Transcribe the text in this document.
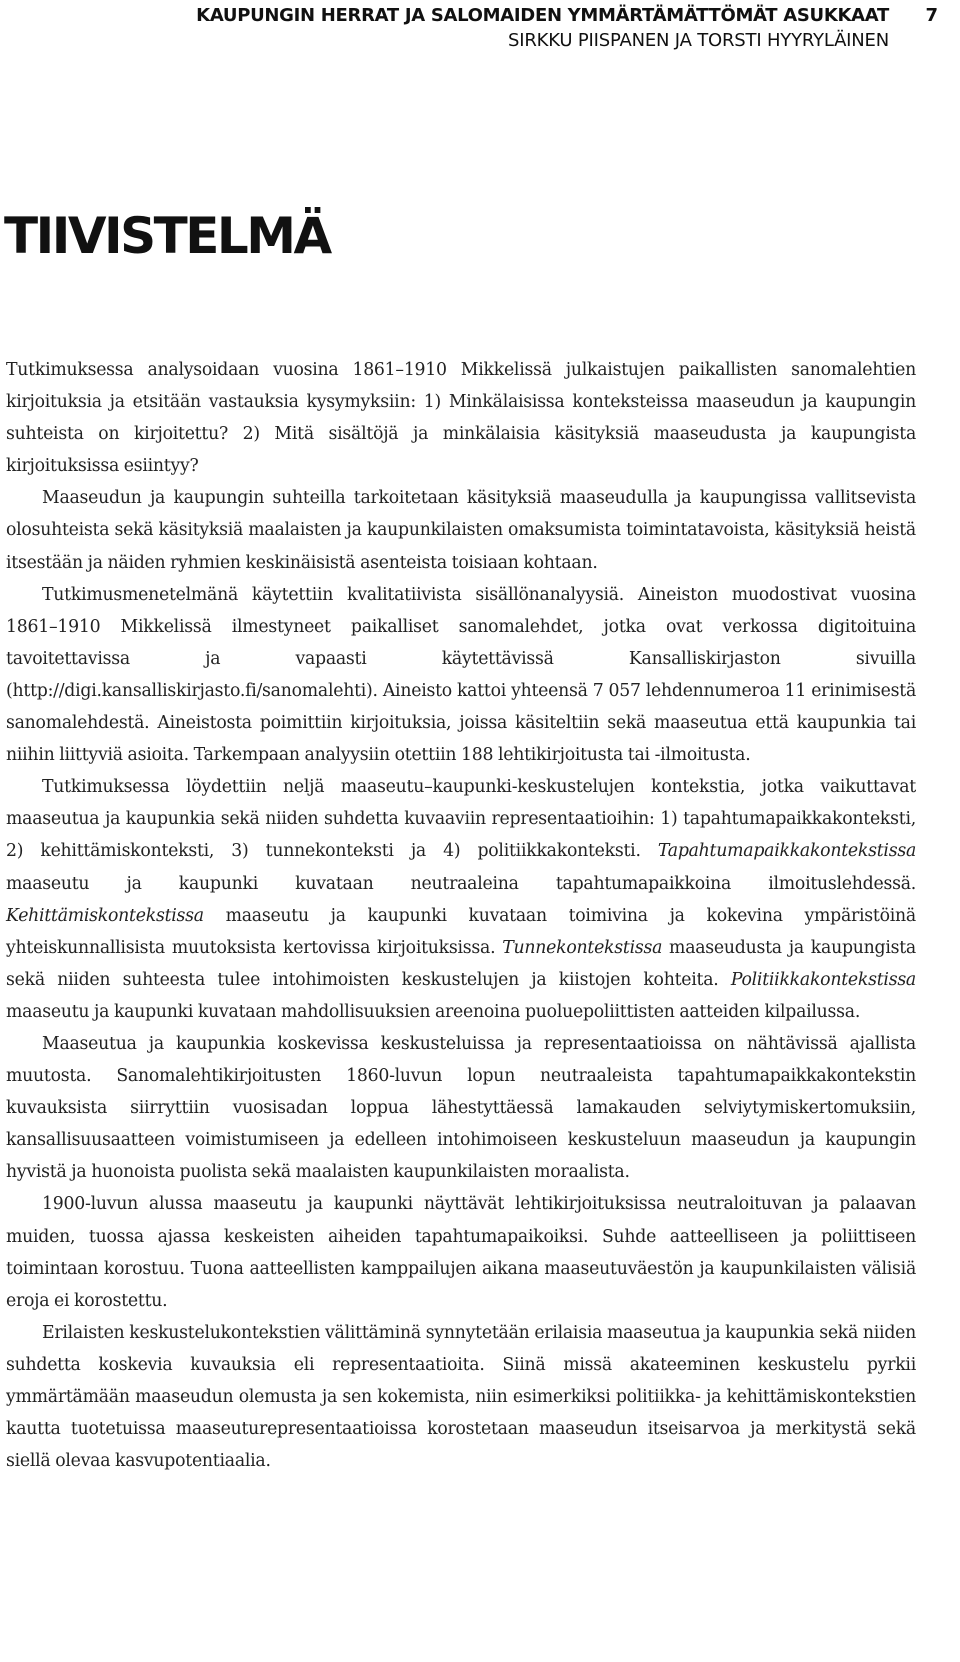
KAUPUNGIN HERRAT JA SALOMAIDEN YMMÄRTÄMÄTTÖMÄT ASUKKAAT
SIRKKU PIISPANEN JA TORSTI HYYRYLÄINEN
7
TIIVISTELMÄ

Tutkimuksessa analysoidaan vuosina 1861–1910 Mikkelissä julkaistujen paikallisten sanomalehtien kirjoituksia ja etsitään vastauksia kysymyksiin: 1) Minkälaisissa konteksteissa maaseudun ja kaupungin suhteista on kirjoitettu? 2) Mitä sisältöjä ja minkälaisia käsityksiä maaseudusta ja kaupungista kirjoituksissa esiintyy?

Maaseudun ja kaupungin suhteilla tarkoitetaan käsityksiä maaseudulla ja kaupungissa vallitsevista olosuhteista sekä käsityksiä maalaisten ja kaupunkilaisten omaksumista toimintatavoista, käsityksiä heistä itsestään ja näiden ryhmien keskinäisistä asenteista toisiaan kohtaan.

Tutkimusmenetelmänä käytettiin kvalitatiivista sisällönanalyysiä. Aineiston muodostivat vuosina 1861–1910 Mikkelissä ilmestyneet paikalliset sanomalehdet, jotka ovat verkossa digitoituina tavoitettavissa ja vapaasti käytettävissä Kansalliskirjaston sivuilla (http://digi.kansalliskirjasto.fi/sanomalehti). Aineisto kattoi yhteensä 7 057 lehdennumeroa 11 erinimisestä sanomalehdestä. Aineistosta poimittiin kirjoituksia, joissa käsiteltiin sekä maaseutua että kaupunkia tai niihin liittyviä asioita. Tarkempaan analyysiin otettiin 188 lehtikirjoitusta tai -ilmoitusta.

Tutkimuksessa löydettiin neljä maaseutu–kaupunki-keskustelujen kontekstia, jotka vaikuttavat maaseutua ja kaupunkia sekä niiden suhdetta kuvaaviin representaatioihin: 1) tapahtumapaikkakonteksti, 2) kehittämiskonteksti, 3) tunnekonteksti ja 4) politiikkakonteksti. Tapahtumapaikkakontekstissa maaseutu ja kaupunki kuvataan neutraaleina tapahtumapaikkoina ilmoituslehdessä. Kehittämiskontekstissa maaseutu ja kaupunki kuvataan toimivina ja kokevina ympäristöinä yhteiskunnallisista muutoksista kertovissa kirjoituksissa. Tunnekontekstissa maaseudusta ja kaupungista sekä niiden suhteesta tulee intohimoisten keskustelujen ja kiistojen kohteita. Politiikkakontekstissa maaseutu ja kaupunki kuvataan mahdollisuuksien areenoina puoluepoliittisten aatteiden kilpailussa.

Maaseutua ja kaupunkia koskevissa keskusteluissa ja representaatioissa on nähtävissä ajallista muutosta. Sanomalehtikirjoitusten 1860-luvun lopun neutraaleista tapahtumapaikkakontekstin kuvauksista siirryttiin vuosisadan loppua lähestyttäessä lamakauden selviytymiskertomuksiin, kansallisuusaatteen voimistumiseen ja edelleen intohimoiseen keskusteluun maaseudun ja kaupungin hyvistä ja huonoista puolista sekä maalaisten kaupunkilaisten moraalista.

1900-luvun alussa maaseutu ja kaupunki näyttävät lehtikirjoituksissa neutraloituvan ja palaavan muiden, tuossa ajassa keskeisten aiheiden tapahtumapaikoiksi. Suhde aatteelliseen ja poliittiseen toimintaan korostuu. Tuona aatteellisten kamppailujen aikana maaseutuväestön ja kaupunkilaisten välisiä eroja ei korostettu.

Erilaisten keskustelukontekstien välittäminä synnytetään erilaisia maaseutua ja kaupunkia sekä niiden suhdetta koskevia kuvauksia eli representaatioita. Siinä missä akateeminen keskustelu pyrkii ymmärtämään maaseudun olemusta ja sen kokemista, niin esimerkiksi politiikka- ja kehittämiskontekstien kautta tuotetuissa maaseuturepresentaatioissa korostetaan maaseudun itseisarvoa ja merkitystä sekä siellä olevaa kasvupotentiaalia.
